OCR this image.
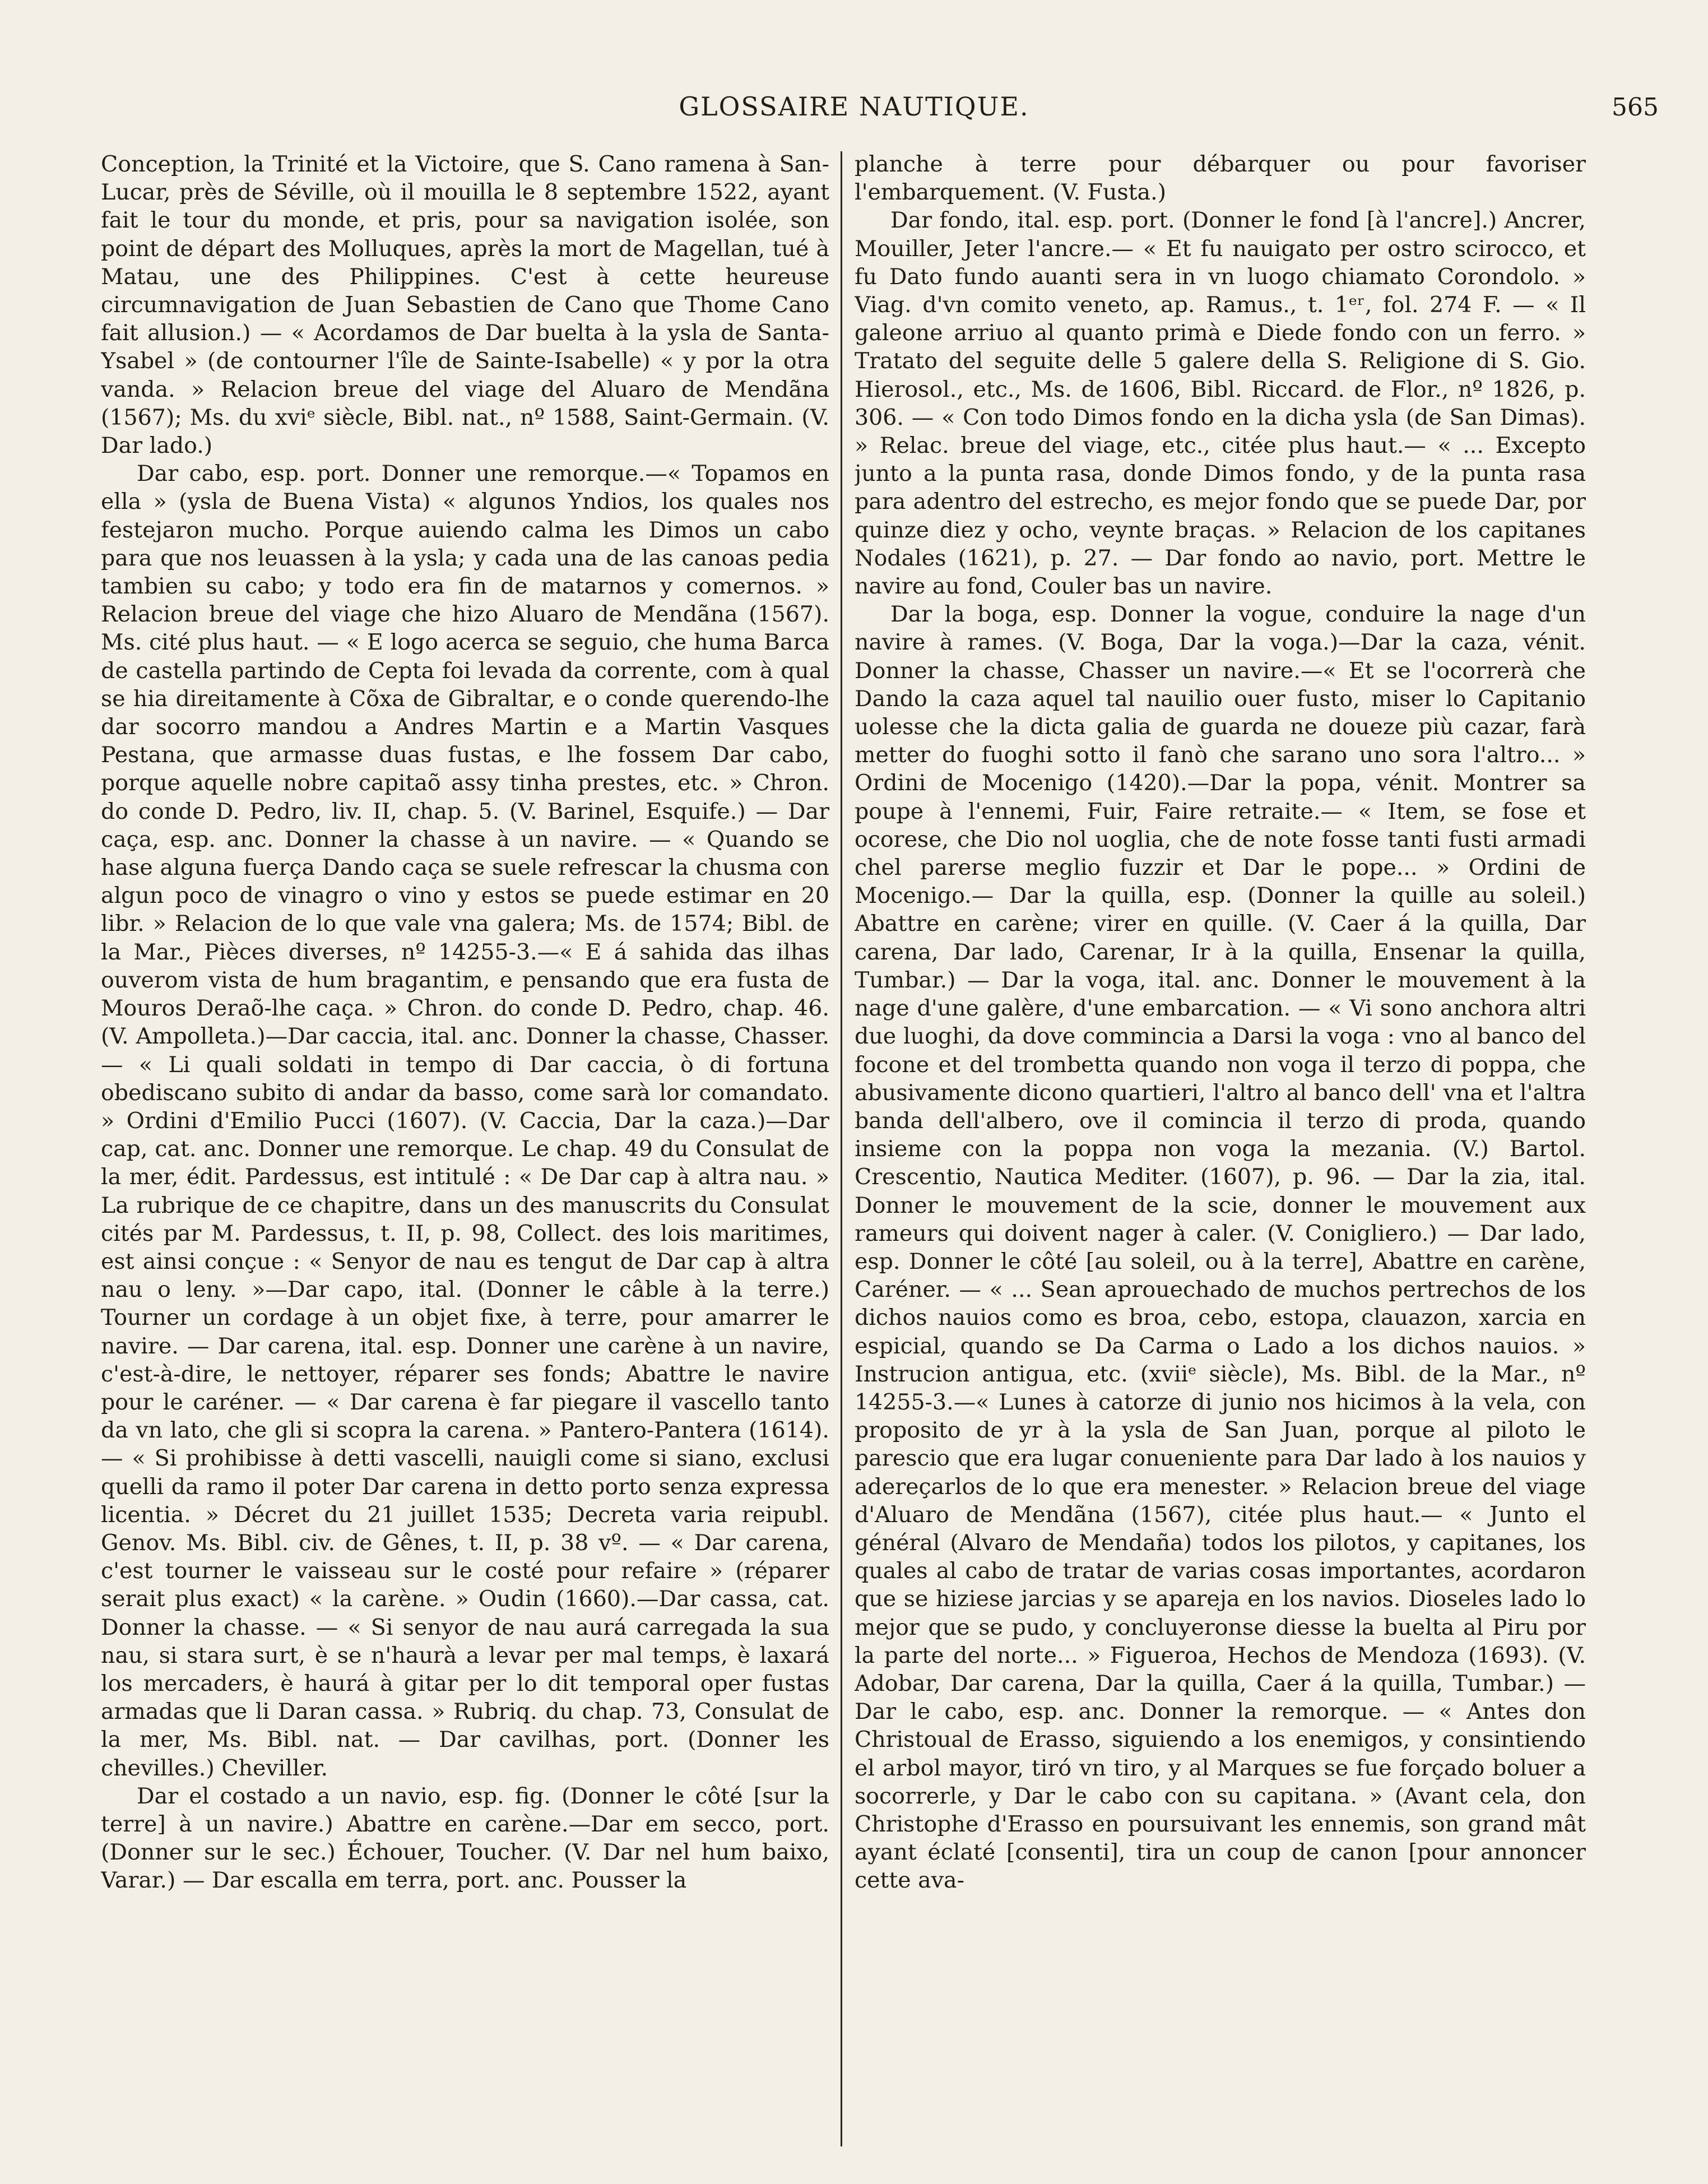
GLOSSAIRE NAUTIQUE.	565

Conception, la Trinité et la Victoire, que S. Cano ramena à San-Lucar, près de Séville, où il mouilla le 8 septembre 1522, ayant fait le tour du monde, et pris, pour sa navigation isolée, son point de départ des Molluques, après la mort de Magellan, tué à Matau, une des Philippines. C'est à cette heureuse circumnavigation de Juan Sebastien de Cano que Thome Cano fait allusion.) — « Acordamos de Dar buelta à la ysla de Santa-Ysabel » (de contourner l'île de Sainte-Isabelle) « y por la otra vanda. » Relacion breue del viage del Aluaro de Mendãna (1567); Ms. du xviᵉ siècle, Bibl. nat., nº 1588, Saint-Germain. (V. Dar lado.)

Dar cabo, esp. port. Donner une remorque.—« Topamos en ella » (ysla de Buena Vista) « algunos Yndios, los quales nos festejaron mucho. Porque auiendo calma les Dimos un cabo para que nos leuassen à la ysla; y cada una de las canoas pedia tambien su cabo; y todo era fin de matarnos y comernos. » Relacion breue del viage che hizo Aluaro de Mendãna (1567). Ms. cité plus haut. — « E logo acerca se seguio, che huma Barca de castella partindo de Cepta foi levada da corrente, com à qual se hia direitamente à Cõxa de Gibraltar, e o conde querendo-lhe dar socorro mandou a Andres Martin e a Martin Vasques Pestana, que armasse duas fustas, e lhe fossem Dar cabo, porque aquelle nobre capitaõ assy tinha prestes, etc. » Chron. do conde D. Pedro, liv. II, chap. 5. (V. Barinel, Esquife.) — Dar caça, esp. anc. Donner la chasse à un navire. — « Quando se hase alguna fuerça Dando caça se suele refrescar la chusma con algun poco de vinagro o vino y estos se puede estimar en 20 libr. » Relacion de lo que vale vna galera; Ms. de 1574; Bibl. de la Mar., Pièces diverses, nº 14255-3.—« E á sahida das ilhas ouverom vista de hum bragantim, e pensando que era fusta de Mouros Deraõ-lhe caça. » Chron. do conde D. Pedro, chap. 46. (V. Ampolleta.)—Dar caccia, ital. anc. Donner la chasse, Chasser. — « Li quali soldati in tempo di Dar caccia, ò di fortuna obediscano subito di andar da basso, come sarà lor comandato. » Ordini d'Emilio Pucci (1607). (V. Caccia, Dar la caza.)—Dar cap, cat. anc. Donner une remorque. Le chap. 49 du Consulat de la mer, édit. Pardessus, est intitulé : « De Dar cap à altra nau. » La rubrique de ce chapitre, dans un des manuscrits du Consulat cités par M. Pardessus, t. II, p. 98, Collect. des lois maritimes, est ainsi conçue : « Senyor de nau es tengut de Dar cap à altra nau o leny. »—Dar capo, ital. (Donner le câble à la terre.) Tourner un cordage à un objet fixe, à terre, pour amarrer le navire. — Dar carena, ital. esp. Donner une carène à un navire, c'est-à-dire, le nettoyer, réparer ses fonds; Abattre le navire pour le caréner. — « Dar carena è far piegare il vascello tanto da vn lato, che gli si scopra la carena. » Pantero-Pantera (1614). — « Si prohibisse à detti vascelli, nauigli come si siano, exclusi quelli da ramo il poter Dar carena in detto porto senza expressa licentia. » Décret du 21 juillet 1535; Decreta varia reipubl. Genov. Ms. Bibl. civ. de Gênes, t. II, p. 38 vº. — « Dar carena, c'est tourner le vaisseau sur le costé pour refaire » (réparer serait plus exact) « la carène. » Oudin (1660).—Dar cassa, cat. Donner la chasse. — « Si senyor de nau aurá carregada la sua nau, si stara surt, è se n'haurà a levar per mal temps, è laxará los mercaders, è haurá à gitar per lo dit temporal oper fustas armadas que li Daran cassa. » Rubriq. du chap. 73, Consulat de la mer, Ms. Bibl. nat. — Dar cavilhas, port. (Donner les chevilles.) Cheviller.

Dar el costado a un navio, esp. fig. (Donner le côté [sur la terre] à un navire.) Abattre en carène.—Dar em secco, port. (Donner sur le sec.) Échouer, Toucher. (V. Dar nel hum baixo, Varar.) — Dar escalla em terra, port. anc. Pousser la

planche à terre pour débarquer ou pour favoriser l'embarquement. (V. Fusta.)

Dar fondo, ital. esp. port. (Donner le fond [à l'ancre].) Ancrer, Mouiller, Jeter l'ancre.— « Et fu nauigato per ostro scirocco, et fu Dato fundo auanti sera in vn luogo chiamato Corondolo. » Viag. d'vn comito veneto, ap. Ramus., t. 1ᵉʳ, fol. 274 F. — « Il galeone arriuo al quanto primà e Diede fondo con un ferro. » Tratato del seguite delle 5 galere della S. Religione di S. Gio. Hierosol., etc., Ms. de 1606, Bibl. Riccard. de Flor., nº 1826, p. 306. — « Con todo Dimos fondo en la dicha ysla (de San Dimas). » Relac. breue del viage, etc., citée plus haut.— « ... Excepto junto a la punta rasa, donde Dimos fondo, y de la punta rasa para adentro del estrecho, es mejor fondo que se puede Dar, por quinze diez y ocho, veynte braças. » Relacion de los capitanes Nodales (1621), p. 27. — Dar fondo ao navio, port. Mettre le navire au fond, Couler bas un navire.

Dar la boga, esp. Donner la vogue, conduire la nage d'un navire à rames. (V. Boga, Dar la voga.)—Dar la caza, vénit. Donner la chasse, Chasser un navire.—« Et se l'ocorrerà che Dando la caza aquel tal nauilio ouer fusto, miser lo Capitanio uolesse che la dicta galia de guarda ne doueze più cazar, farà metter do fuoghi sotto il fanò che sarano uno sora l'altro... » Ordini de Mocenigo (1420).—Dar la popa, vénit. Montrer sa poupe à l'ennemi, Fuir, Faire retraite.— « Item, se fose et ocorese, che Dio nol uoglia, che de note fosse tanti fusti armadi chel parerse meglio fuzzir et Dar le pope... » Ordini de Mocenigo.— Dar la quilla, esp. (Donner la quille au soleil.) Abattre en carène; virer en quille. (V. Caer á la quilla, Dar carena, Dar lado, Carenar, Ir à la quilla, Ensenar la quilla, Tumbar.) — Dar la voga, ital. anc. Donner le mouvement à la nage d'une galère, d'une embarcation. — « Vi sono anchora altri due luoghi, da dove commincia a Darsi la voga : vno al banco del focone et del trombetta quando non voga il terzo di poppa, che abusivamente dicono quartieri, l'altro al banco dell' vna et l'altra banda dell'albero, ove il comincia il terzo di proda, quando insieme con la poppa non voga la mezania. (V.) Bartol. Crescentio, Nautica Mediter. (1607), p. 96. — Dar la zia, ital. Donner le mouvement de la scie, donner le mouvement aux rameurs qui doivent nager à caler. (V. Conigliero.) — Dar lado, esp. Donner le côté [au soleil, ou à la terre], Abattre en carène, Caréner. — « ... Sean aprouechado de muchos pertrechos de los dichos nauios como es broa, cebo, estopa, clauazon, xarcia en espicial, quando se Da Carma o Lado a los dichos nauios. » Instrucion antigua, etc. (xviiᵉ siècle), Ms. Bibl. de la Mar., nº 14255-3.—« Lunes à catorze di junio nos hicimos à la vela, con proposito de yr à la ysla de San Juan, porque al piloto le parescio que era lugar conueniente para Dar lado à los nauios y adereçarlos de lo que era menester. » Relacion breue del viage d'Aluaro de Mendãna (1567), citée plus haut.— « Junto el général (Alvaro de Mendaña) todos los pilotos, y capitanes, los quales al cabo de tratar de varias cosas importantes, acordaron que se hiziese jarcias y se apareja en los navios. Dioseles lado lo mejor que se pudo, y concluyeronse diesse la buelta al Piru por la parte del norte... » Figueroa, Hechos de Mendoza (1693). (V. Adobar, Dar carena, Dar la quilla, Caer á la quilla, Tumbar.) — Dar le cabo, esp. anc. Donner la remorque. — « Antes don Christoual de Erasso, siguiendo a los enemigos, y consintiendo el arbol mayor, tiró vn tiro, y al Marques se fue forçado boluer a socorrerle, y Dar le cabo con su capitana. » (Avant cela, don Christophe d'Erasso en poursuivant les ennemis, son grand mât ayant éclaté [consenti], tira un coup de canon [pour annoncer cette ava-
